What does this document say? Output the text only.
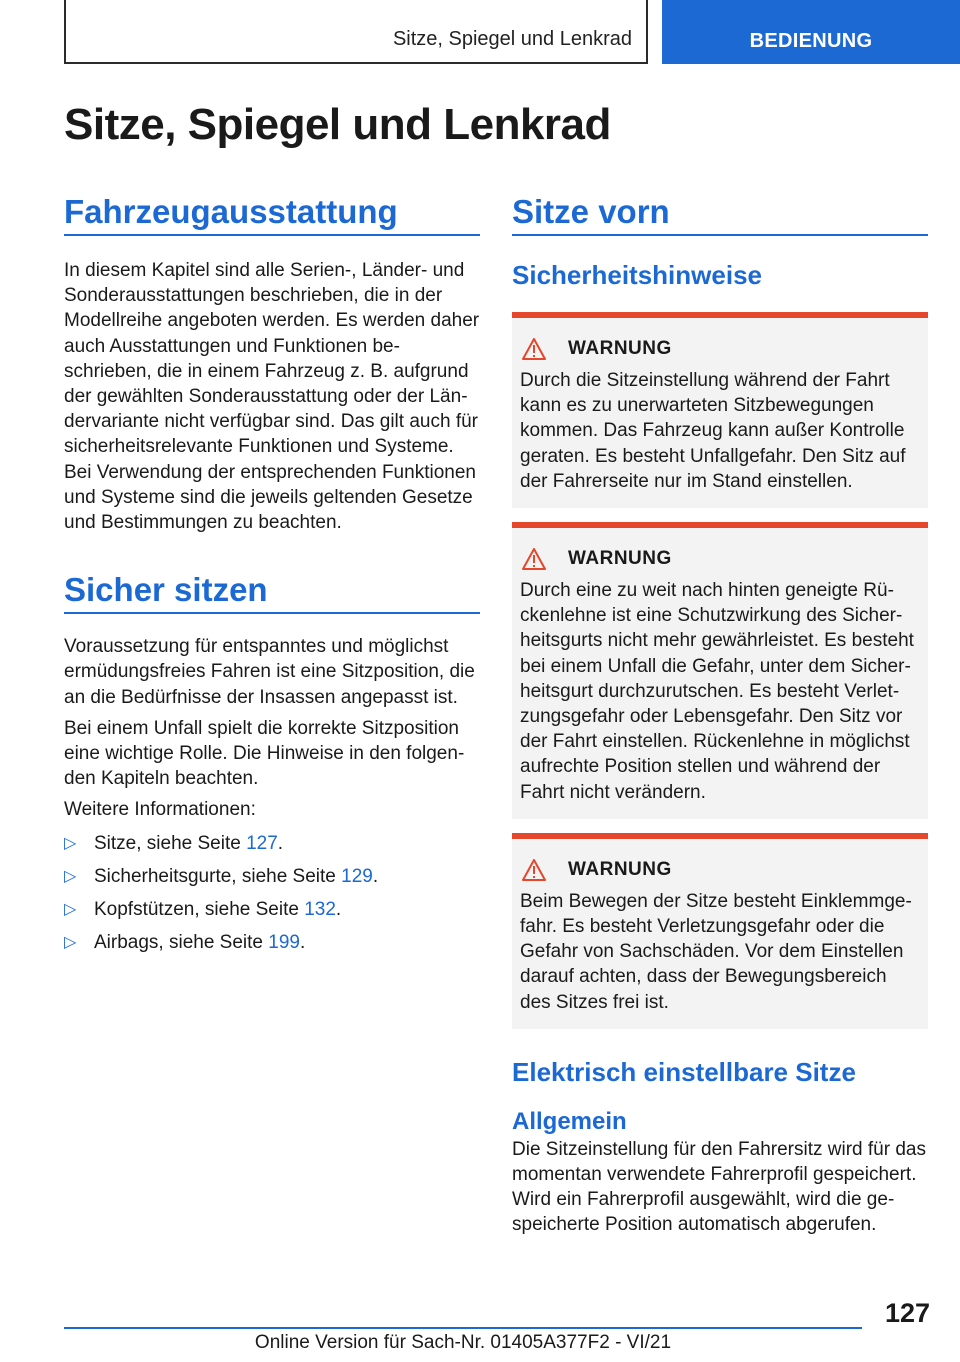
Sitze, Spiegel und Lenkrad	BEDIENUNG
Sitze, Spiegel und Lenkrad
Fahrzeugausstattung

In diesem Kapitel sind alle Serien-, Länder- und Sonderausstattungen beschrieben, die in der Modellreihe angeboten werden. Es werden daher auch Ausstattungen und Funktionen beschrieben, die in einem Fahrzeug z. B. aufgrund der gewählten Sonderausstattung oder der Ländervariante nicht verfügbar sind. Das gilt auch für sicherheitsrelevante Funktionen und Systeme. Bei Verwendung der entsprechenden Funktionen und Systeme sind die jeweils geltenden Gesetze und Bestimmungen zu beachten.

Sicher sitzen

Voraussetzung für entspanntes und möglichst ermüdungsfreies Fahren ist eine Sitzposition, die an die Bedürfnisse der Insassen angepasst ist.

Bei einem Unfall spielt die korrekte Sitzposition eine wichtige Rolle. Die Hinweise in den folgenden Kapiteln beachten.

Weitere Informationen:

▷ Sitze, siehe Seite 127.
▷ Sicherheitsgurte, siehe Seite 129.
▷ Kopfstützen, siehe Seite 132.
▷ Airbags, siehe Seite 199.
Sitze vorn
Sicherheitshinweise
WARNUNG

Durch die Sitzeinstellung während der Fahrt kann es zu unerwarteten Sitzbewegungen kommen. Das Fahrzeug kann außer Kontrolle geraten. Es besteht Unfallgefahr. Den Sitz auf der Fahrerseite nur im Stand einstellen.

WARNUNG

Durch eine zu weit nach hinten geneigte Rückenlehne ist eine Schutzwirkung des Sicherheitsgurts nicht mehr gewährleistet. Es besteht bei einem Unfall die Gefahr, unter dem Sicherheitsgurt durchzurutschen. Es besteht Verletzungsgefahr oder Lebensgefahr. Den Sitz vor der Fahrt einstellen. Rückenlehne in möglichst aufrechte Position stellen und während der Fahrt nicht verändern.

WARNUNG

Beim Bewegen der Sitze besteht Einklemmgefahr. Es besteht Verletzungsgefahr oder die Gefahr von Sachschäden. Vor dem Einstellen darauf achten, dass der Bewegungsbereich des Sitzes frei ist.

Elektrisch einstellbare Sitze
Allgemein

Die Sitzeinstellung für den Fahrersitz wird für das momentan verwendete Fahrerprofil gespeichert. Wird ein Fahrerprofil ausgewählt, wird die gespeicherte Position automatisch abgerufen.

127
Online Version für Sach-Nr. 01405A377F2 - VI/21
